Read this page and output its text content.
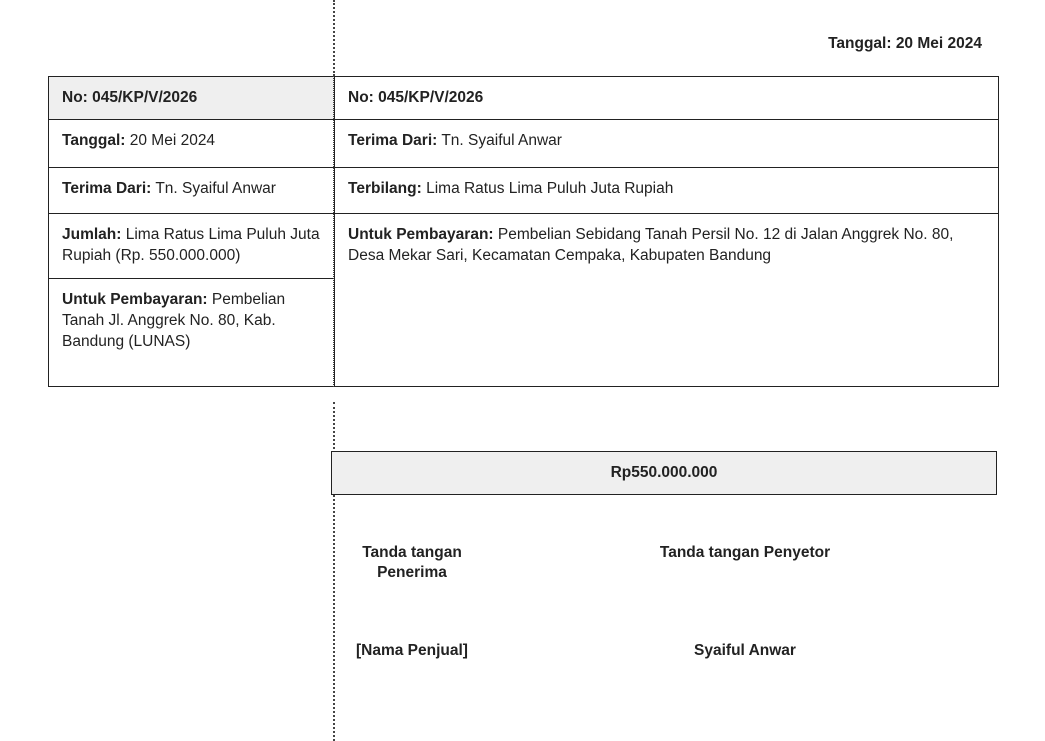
Tanggal: 20 Mei 2024
No: 045/KP/V/2026
Tanggal: 20 Mei 2024
Terima Dari: Tn. Syaiful Anwar
Jumlah: Lima Ratus Lima Puluh Juta Rupiah (Rp. 550.000.000)
Untuk Pembayaran: Pembelian Tanah Jl. Anggrek No. 80, Kab. Bandung (LUNAS)
No: 045/KP/V/2026
Terima Dari: Tn. Syaiful Anwar
Terbilang: Lima Ratus Lima Puluh Juta Rupiah
Untuk Pembayaran: Pembelian Sebidang Tanah Persil No. 12 di Jalan Anggrek No. 80, Desa Mekar Sari, Kecamatan Cempaka, Kabupaten Bandung
Rp550.000.000
Tanda tangan Penerima
[Nama Penjual]
Tanda tangan Penyetor
Syaiful Anwar
